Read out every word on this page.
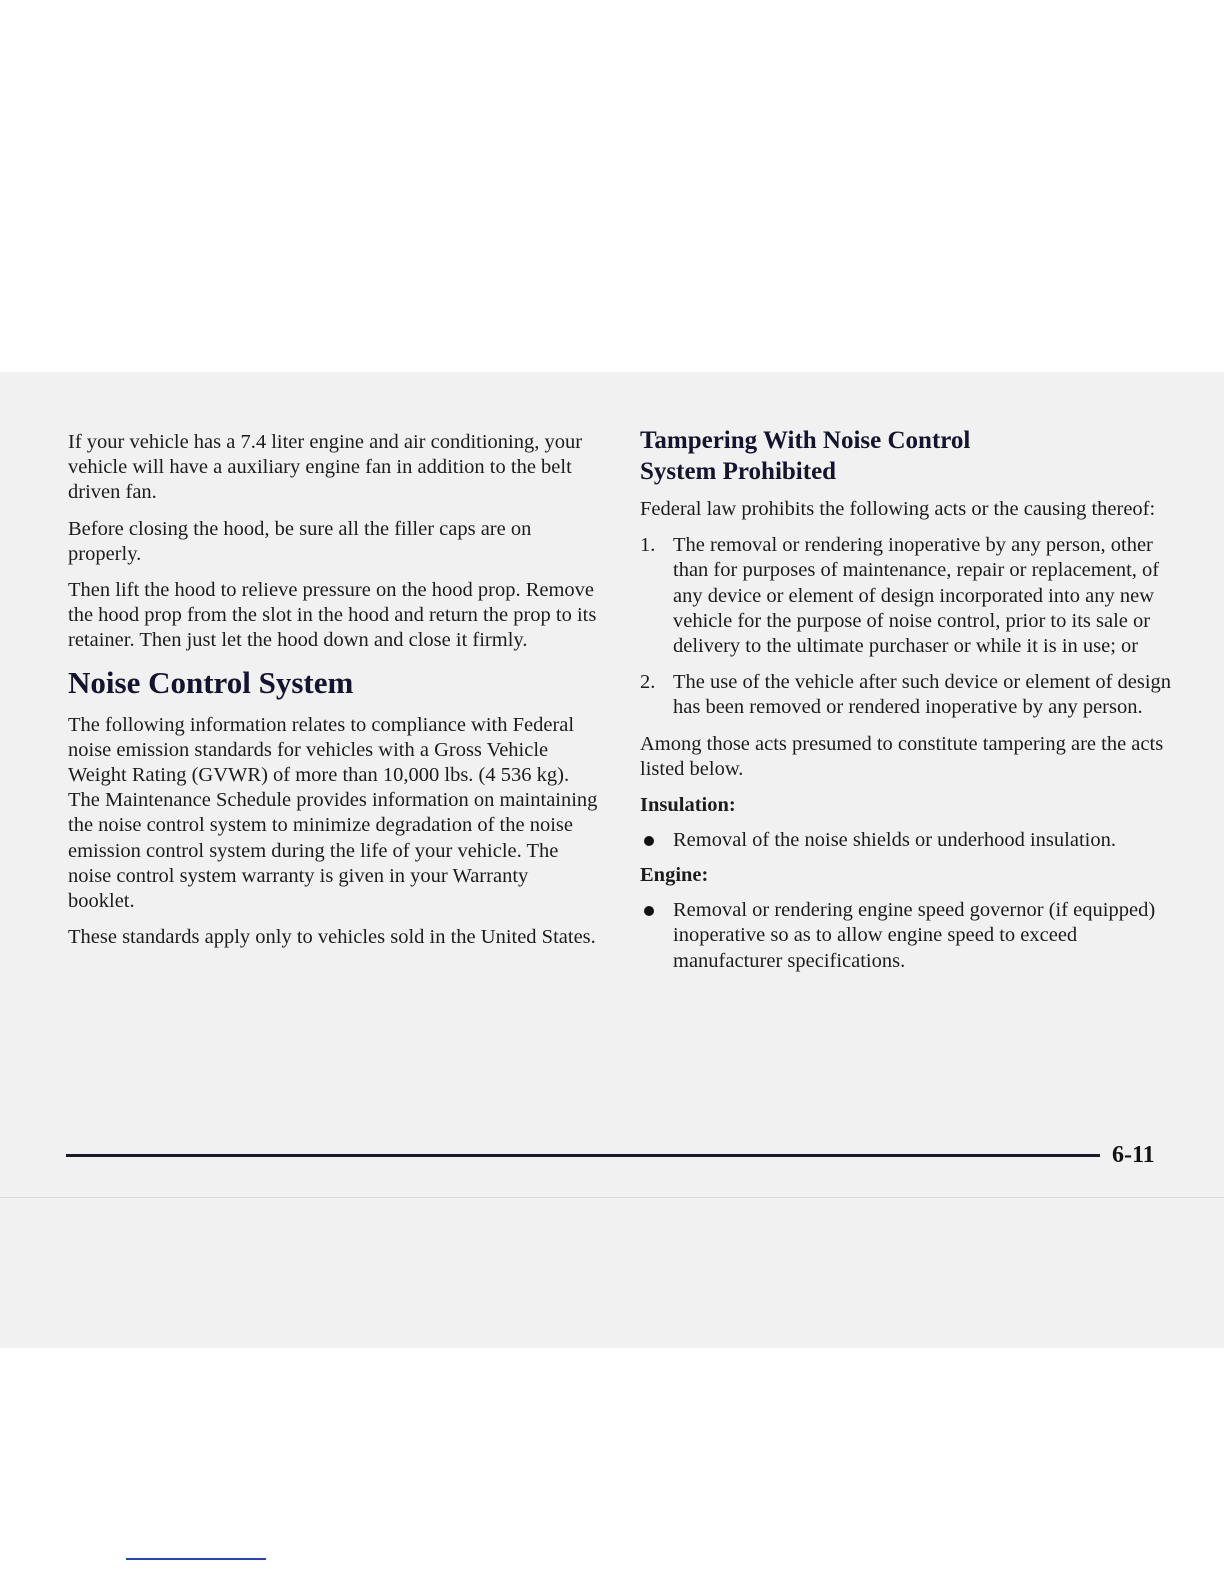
If your vehicle has a 7.4 liter engine and air conditioning, your vehicle will have a auxiliary engine fan in addition to the belt driven fan.

Before closing the hood, be sure all the filler caps are on properly.

Then lift the hood to relieve pressure on the hood prop. Remove the hood prop from the slot in the hood and return the prop to its retainer. Then just let the hood down and close it firmly.

Noise Control System

The following information relates to compliance with Federal noise emission standards for vehicles with a Gross Vehicle Weight Rating (GVWR) of more than 10,000 lbs. (4 536 kg). The Maintenance Schedule provides information on maintaining the noise control system to minimize degradation of the noise emission control system during the life of your vehicle. The noise control system warranty is given in your Warranty booklet.

These standards apply only to vehicles sold in the United States.

Tampering With Noise Control
System Prohibited

Federal law prohibits the following acts or the causing thereof:

1. The removal or rendering inoperative by any person, other than for purposes of maintenance, repair or replacement, of any device or element of design incorporated into any new vehicle for the purpose of noise control, prior to its sale or delivery to the ultimate purchaser or while it is in use; or
2. The use of the vehicle after such device or element of design has been removed or rendered inoperative by any person.

Among those acts presumed to constitute tampering are the acts listed below.

Insulation:
Removal of the noise shields or underhood insulation.
Engine:
Removal or rendering engine speed governor (if equipped) inoperative so as to allow engine speed to exceed manufacturer specifications.
6-11
